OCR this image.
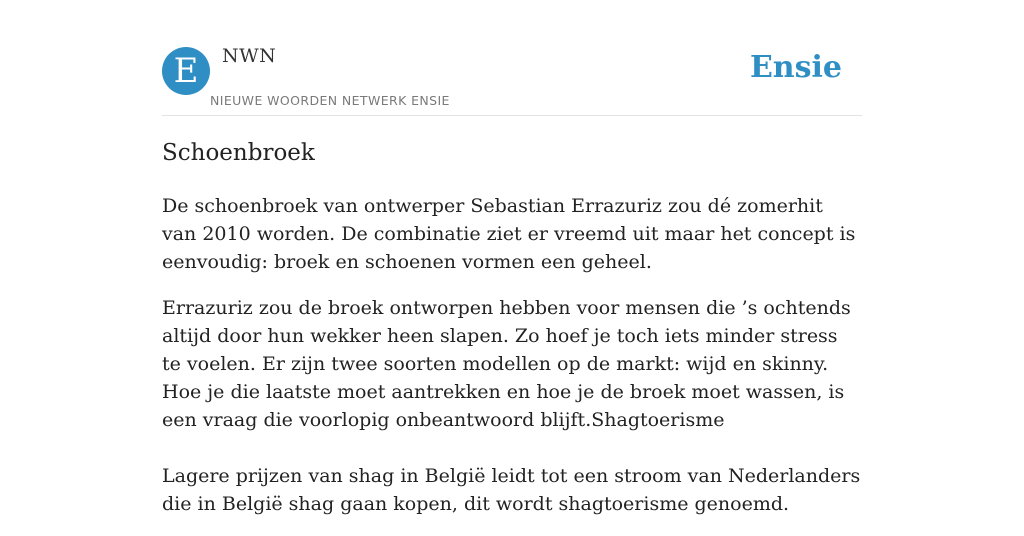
E	NWN
NIEUWE WOORDEN NETWERK ENSIE
Ensie
Schoenbroek

De schoenbroek van ontwerper Sebastian Errazuriz zou dé zomerhit van 2010 worden. De combinatie ziet er vreemd uit maar het concept is eenvoudig: broek en schoenen vormen een geheel.

Errazuriz zou de broek ontworpen hebben voor mensen die ’s ochtends altijd door hun wekker heen slapen. Zo hoef je toch iets minder stress te voelen. Er zijn twee soorten modellen op de markt: wijd en skinny. Hoe je die laatste moet aantrekken en hoe je de broek moet wassen, is een vraag die voorlopig onbeantwoord blijft.Shagtoerisme

Lagere prijzen van shag in België leidt tot een stroom van Nederlanders die in België shag gaan kopen, dit wordt shagtoerisme genoemd.
